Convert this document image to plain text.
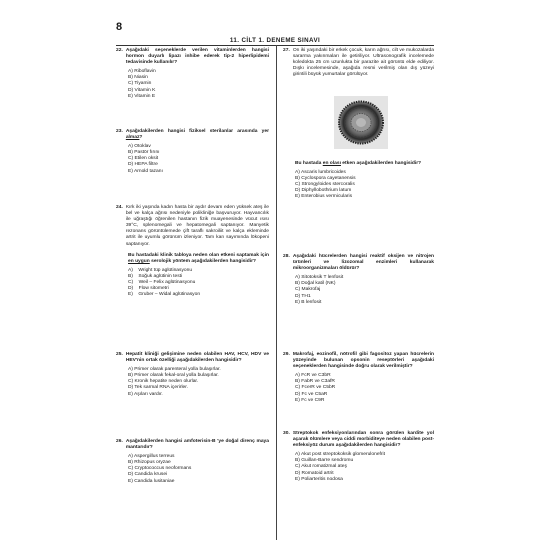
8
11. CİLT 1. DENEME SINAVI
22. Aşağıdaki seçeneklerde verilen vitaminlerden hangisi hormon duyarlı lipazı inhibe ederek tip-2 hiperlipidemi tedavisinde kullanılır?
A) Riboflavin
B) Niasin
C) Tiyamin
D) Vitamin K
E) Vitamin E
23. Aşağıdakilerden hangisi fiziksel sterilanlar arasında yer almaz?
A) Otoklav
B) Pastör fırını
C) Etilen oksit
D) HEPA filtre
E) Arnold tazanı
24. Kırk iki yaşında kadın hasta bir aydır devam eden yüksek ateş ile bel ve kalça ağrısı nedeniyle polikliniğe başvuruyor. Hayvancılık ile uğraştığı öğrenilen hastanın fizik muayenesinde vücut ısısı 39°C, splenomegali ve hepatomegali saptanıyor. Manyetik rezonans görüntülemede çift taraflı sakroiliit ve kalça ekleminde artrit ile uyumlu görünüm izleniyor. Tam kan sayımında lökopeni saptanıyor.
Bu hastadaki klinik tabloya neden olan etkeni saptamak için en uygun serolojik yöntem aşağıdakilerden hangisidir?
A)    Wright tüp aglütinasyonu
B)    Soğuk aglütinin testi
C)    Weil – Felix aglütinasyonu
D)    Flow sitometri
E)    Gruber – Widal aglütinasyon
25. Hepatit kliniği gelişimine neden olabilen HAV, HCV, HDV ve HEV'nin ortak özelliği aşağıdakilerden hangisidir?
A) Primer olarak parenteral yolla bulaşırlar.
B) Primer olarak fekal-oral yolla bulaşırlar.
C) Kronik hepatite neden olurlar.
D) Tek sarmal RNA içerirler.
E) Aşıları vardır.
26. Aşağıdakilerden hangisi amfoterisin-B 'ye doğal direnç maya mantarıdır?
A) Aspergillus terreus
B) Rhizopus oryzae
C) Cryptococcus neoformans
D) Candida krusei
E) Candida lusitaniae
27. On iki yaşındaki bir erkek çocuk, karın ağrısı, cilt ve mukozalarda sararma yakınmaları ile getiriliyor. Ultrasonografik incelemede koledokta 25 cm uzunlukta bir parazite ait görüntü elde ediliyor. Dışkı incelemesinde, aşağıda resmi verilmiş olan dış yüzeyi girintili büyük yumurtalar görülüyor.
Bu hastada en olası etken aşağıdakilerden hangisidir?
A) Ascaris lumbricoides
B) Cyclospora cayetanensis
C) Strongyloides stercoralis
D) Diphyllobothrium latum
E) Enterobius vermicularis
28. Aşağıdaki hücrelerden hangisi reaktif oksijen ve nitrojen ürünleri ve lizozomal enzimleri kullanarak mikroorganizmaları öldürür?
A) Sitotoksik T lenfosit
B) Doğal katil (NK)
C) Makrofaj
D) TH1
E) B lenfosit
29. Makrofaj, eozinofil, nötrofil gibi fagositoz yapan hücrelerin yüzeyinde bulunan opsonin reseptörleri aşağıdaki seçeneklerden hangisinde doğru olarak verilmiştir?
A) FcR ve C3bR
B) FabR ve C3afR
C) FcerR ve C5bR
D) Fc ve C5aR
E) Fc ve C9R
30. Streptokok enfeksiyonlarından sonra görülen kardite yol açarak ölümlere veya ciddi morbiditeye neden olabilen post-enfeksiyöz durum aşağıdakilerden hangisidir?
A) Akut post streptokoksik glomerulonefrit
B) Guillan-Barre sendromu
C) Akut romatizmal ateş
D) Romatoid artrit
E) Poliarteritis nodosa
